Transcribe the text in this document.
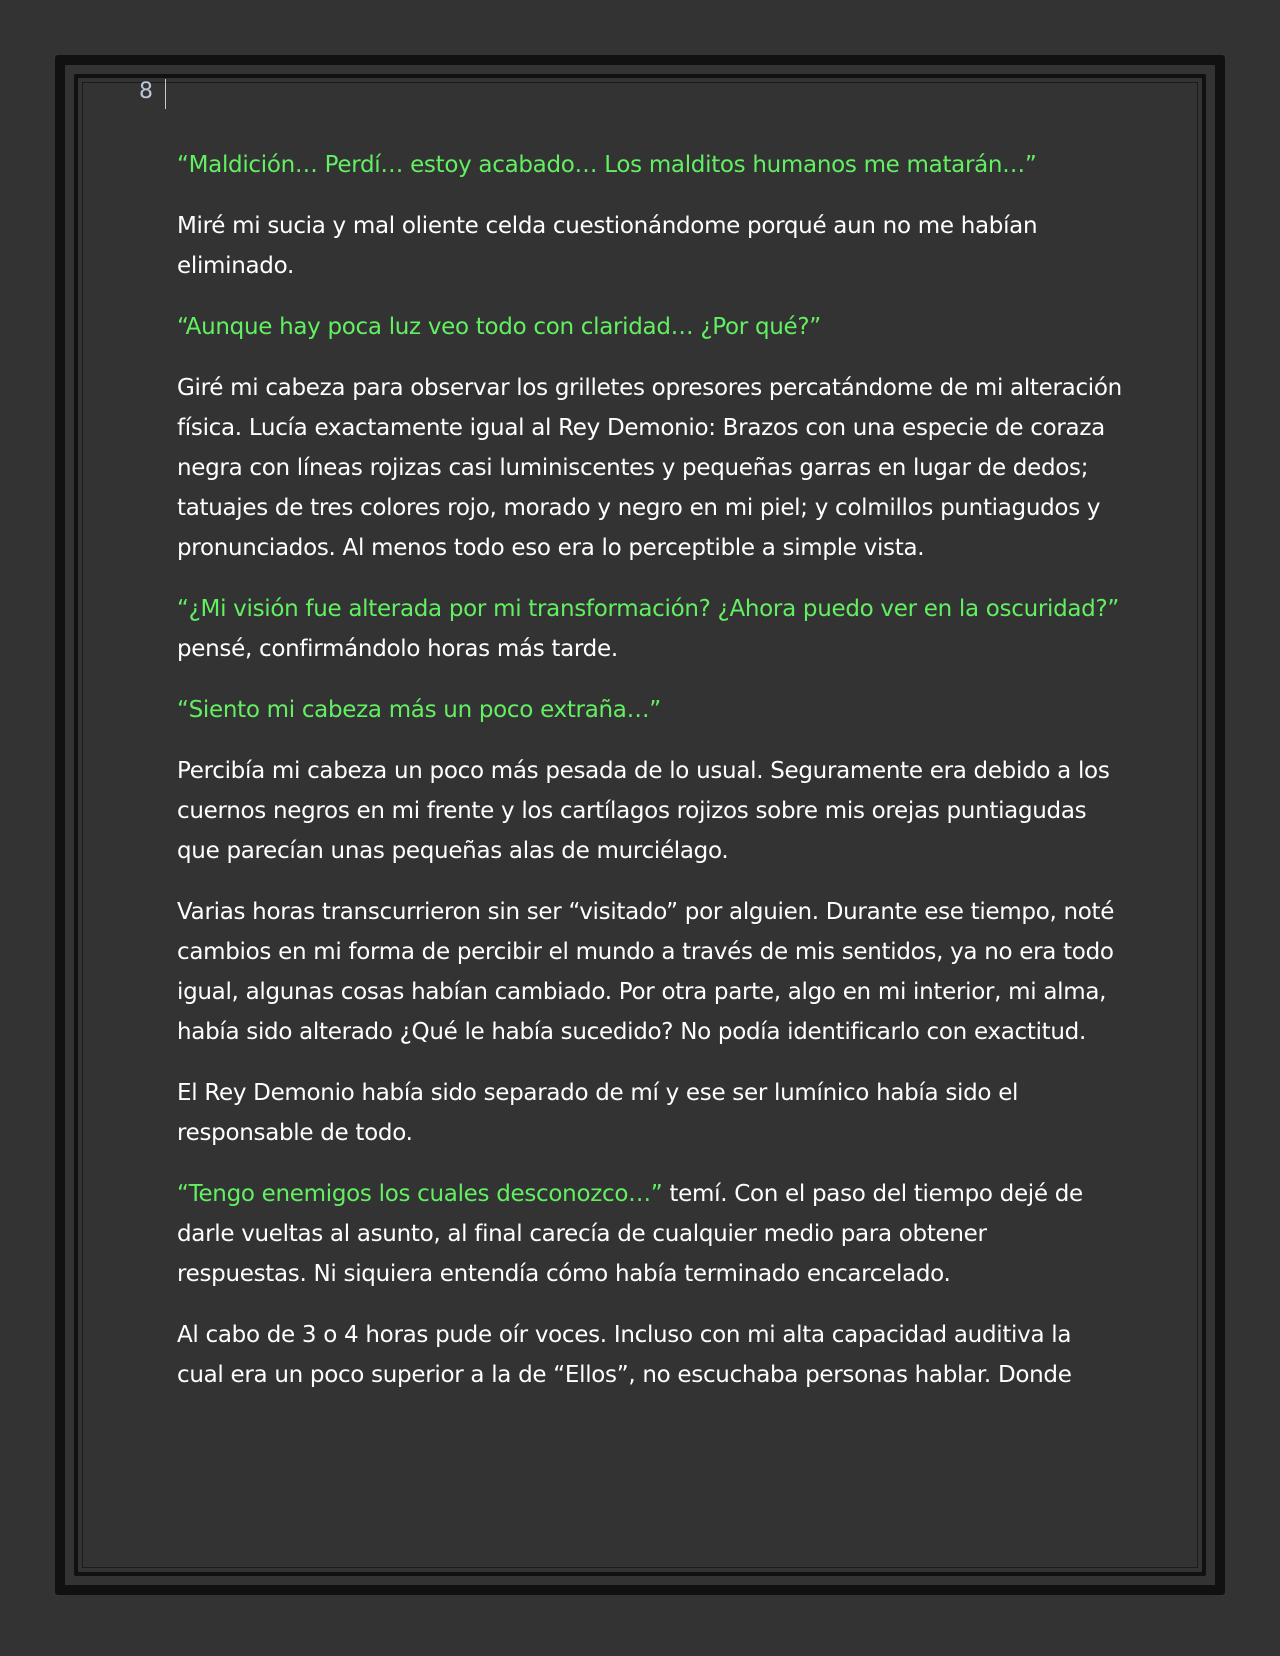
8

“Maldición… Perdí… estoy acabado… Los malditos humanos me matarán…”

Miré mi sucia y mal oliente celda cuestionándome porqué aun no me habían eliminado.

“Aunque hay poca luz veo todo con claridad… ¿Por qué?”

Giré mi cabeza para observar los grilletes opresores percatándome de mi alteración física. Lucía exactamente igual al Rey Demonio: Brazos con una especie de coraza negra con líneas rojizas casi luminiscentes y pequeñas garras en lugar de dedos; tatuajes de tres colores rojo, morado y negro en mi piel; y colmillos puntiagudos y pronunciados. Al menos todo eso era lo perceptible a simple vista.

“¿Mi visión fue alterada por mi transformación? ¿Ahora puedo ver en la oscuridad?” pensé, confirmándolo horas más tarde.

“Siento mi cabeza más un poco extraña…”

Percibía mi cabeza un poco más pesada de lo usual. Seguramente era debido a los cuernos negros en mi frente y los cartílagos rojizos sobre mis orejas puntiagudas que parecían unas pequeñas alas de murciélago.

Varias horas transcurrieron sin ser “visitado” por alguien. Durante ese tiempo, noté cambios en mi forma de percibir el mundo a través de mis sentidos, ya no era todo igual, algunas cosas habían cambiado. Por otra parte, algo en mi interior, mi alma, había sido alterado ¿Qué le había sucedido? No podía identificarlo con exactitud.

El Rey Demonio había sido separado de mí y ese ser lumínico había sido el responsable de todo.

“Tengo enemigos los cuales desconozco…” temí. Con el paso del tiempo dejé de darle vueltas al asunto, al final carecía de cualquier medio para obtener respuestas. Ni siquiera entendía cómo había terminado encarcelado.

Al cabo de 3 o 4 horas pude oír voces. Incluso con mi alta capacidad auditiva la cual era un poco superior a la de “Ellos”, no escuchaba personas hablar. Donde
